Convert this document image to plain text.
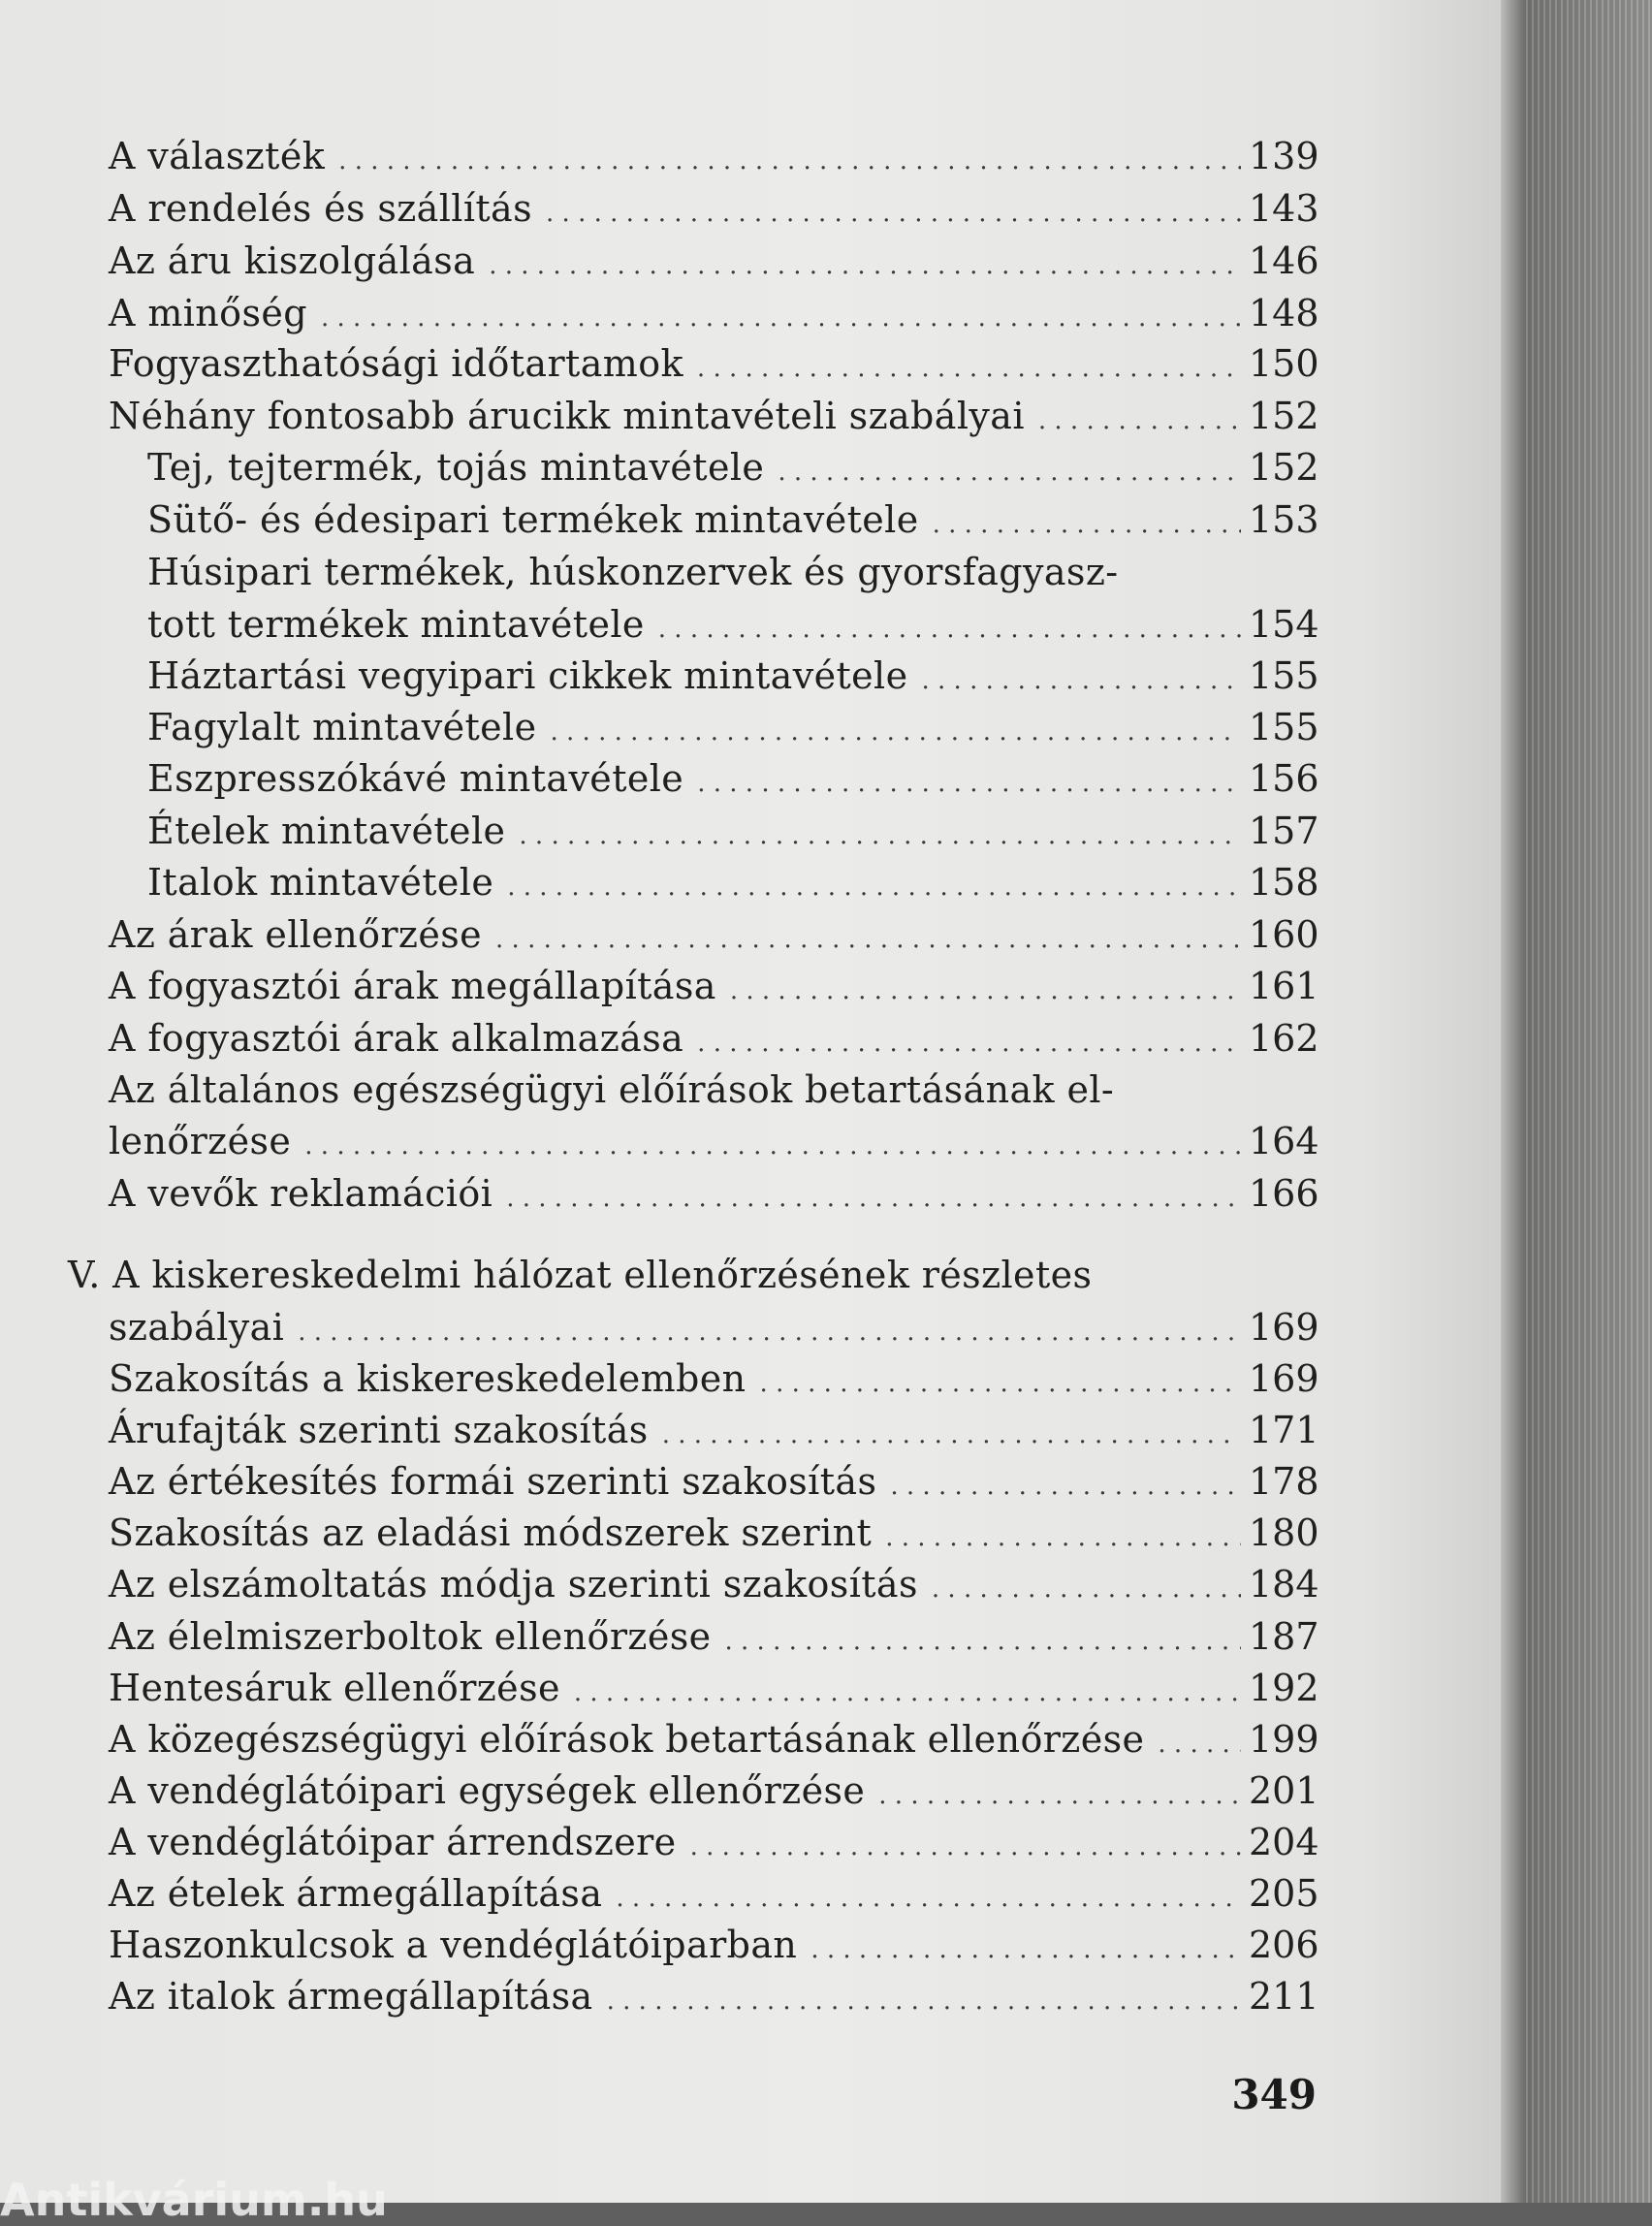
A választék . . .	139
A rendelés és szállítás . . .	143
Az áru kiszolgálása . . .	146
A minőség . . .	148
Fogyaszthatósági időtartamok . . .	150
Néhány fontosabb árucikk mintavételi szabályai . . .	152
Tej, tejtermék, tojás mintavétele . . .	152
Sütő- és édesipari termékek mintavétele . . .	153
Húsipari termékek, húskonzervek és gyorsfagyasz-
tott termékek mintavétele . . .	154
Háztartási vegyipari cikkek mintavétele . . .	155
Fagylalt mintavétele . . .	155
Eszpresszókávé mintavétele . . .	156
Ételek mintavétele . . .	157
Italok mintavétele . . .	158
Az árak ellenőrzése . . .	160
A fogyasztói árak megállapítása . . .	161
A fogyasztói árak alkalmazása . . .	162
Az általános egészségügyi előírások betartásának el-
lenőrzése . . .	164
A vevők reklamációi . . .	166
V. A kiskereskedelmi hálózat ellenőrzésének részletes
szabályai . . .	169
Szakosítás a kiskereskedelemben . . .	169
Árufajták szerinti szakosítás . . .	171
Az értékesítés formái szerinti szakosítás . . .	178
Szakosítás az eladási módszerek szerint . . .	180
Az elszámoltatás módja szerinti szakosítás . . .	184
Az élelmiszerboltok ellenőrzése . . .	187
Hentesáruk ellenőrzése . . .	192
A közegészségügyi előírások betartásának ellenőrzése . . .	199
A vendéglátóipari egységek ellenőrzése . . .	201
A vendéglátóipar árrendszere . . .	204
Az ételek ármegállapítása . . .	205
Haszonkulcsok a vendéglátóiparban . . .	206
Az italok ármegállapítása . . .	211
349
Antikvárium.hu
